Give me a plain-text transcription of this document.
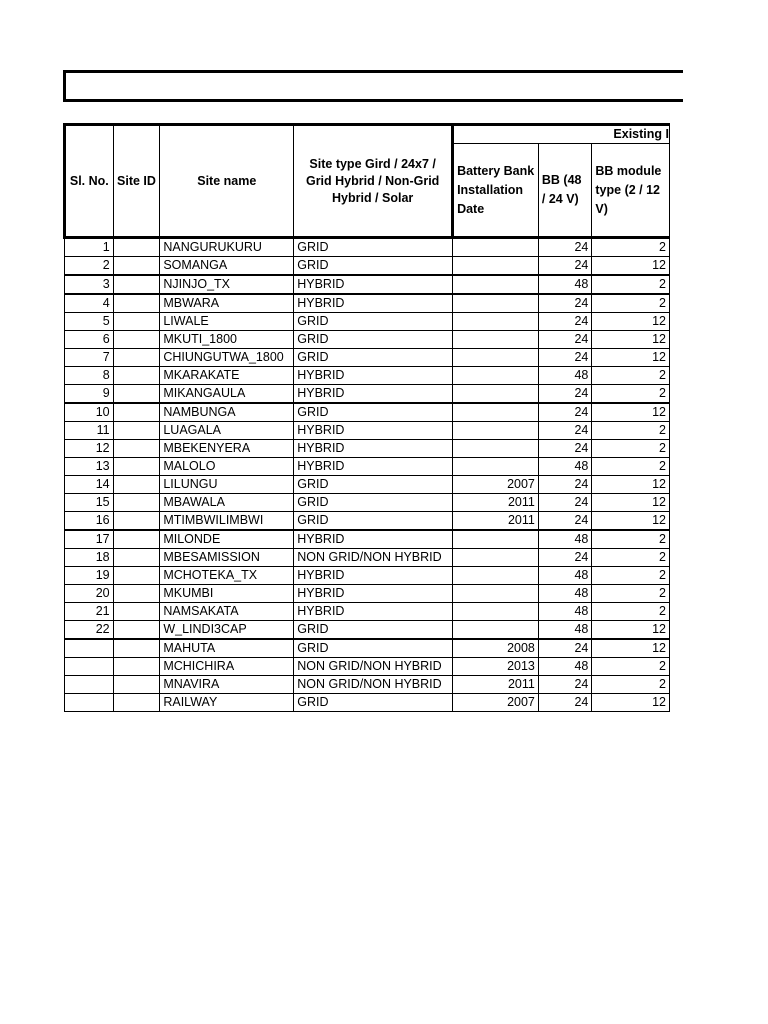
Sl. No.	Site ID	Site name	Site type Gird / 24x7 / Grid Hybrid / Non-Grid Hybrid / Solar	Existing I		
				Battery Bank Installation Date	BB (48 / 24 V)	BB module type (2 / 12 V)
1		NANGURUKURU	GRID		24	2
2		SOMANGA	GRID		24	12
3		NJINJO_TX	HYBRID		48	2
4		MBWARA	HYBRID		24	2
5		LIWALE	GRID		24	12
6		MKUTI_1800	GRID		24	12
7		CHIUNGUTWA_1800	GRID		24	12
8		MKARAKATE	HYBRID		48	2
9		MIKANGAULA	HYBRID		24	2
10		NAMBUNGA	GRID		24	12
11		LUAGALA	HYBRID		24	2
12		MBEKENYERA	HYBRID		24	2
13		MALOLO	HYBRID		48	2
14		LILUNGU	GRID	2007	24	12
15		MBAWALA	GRID	2011	24	12
16		MTIMBWILIMBWI	GRID	2011	24	12
17		MILONDE	HYBRID		48	2
18		MBESAMISSION	NON GRID/NON HYBRID		24	2
19		MCHOTEKA_TX	HYBRID		48	2
20		MKUMBI	HYBRID		48	2
21		NAMSAKATA	HYBRID		48	2
22		W_LINDI3CAP	GRID		48	12
		MAHUTA	GRID	2008	24	12
		MCHICHIRA	NON GRID/NON HYBRID	2013	48	2
		MNAVIRA	NON GRID/NON HYBRID	2011	24	2
		RAILWAY	GRID	2007	24	12
